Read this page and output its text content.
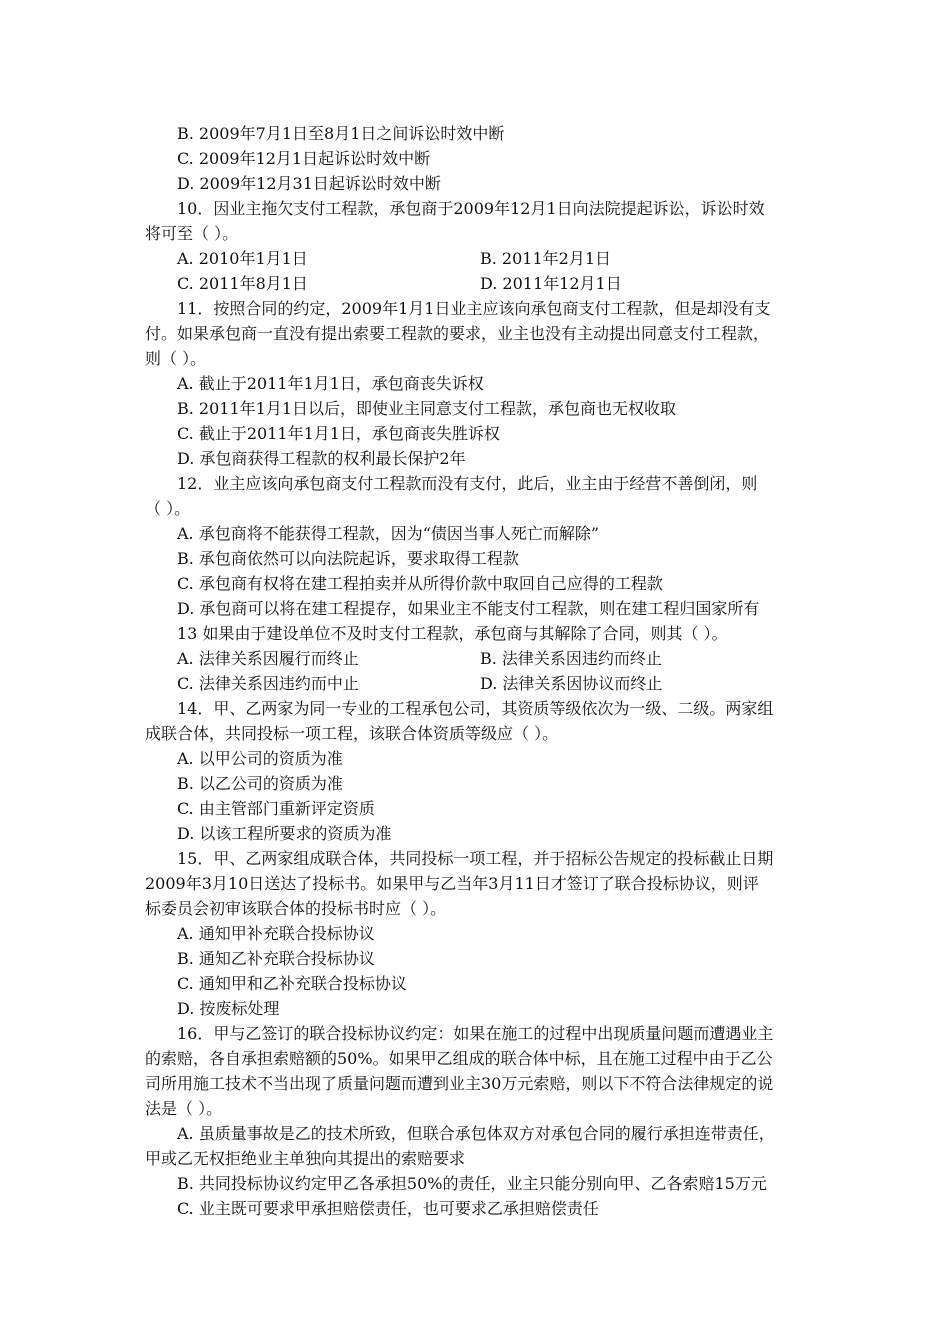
B. 2009年7月1日至8月1日之间诉讼时效中断
C. 2009年12月1日起诉讼时效中断
D. 2009年12月31日起诉讼时效中断
10．因业主拖欠支付工程款，承包商于2009年12月1日向法院提起诉讼，诉讼时效
将可至（ ）。
A. 2010年1月1日	B. 2011年2月1日
C. 2011年8月1日	D. 2011年12月1日
11．按照合同的约定，2009年1月1日业主应该向承包商支付工程款，但是却没有支
付。如果承包商一直没有提出索要工程款的要求，业主也没有主动提出同意支付工程款，
则（ ）。
A. 截止于2011年1月1日，承包商丧失诉权
B. 2011年1月1日以后，即使业主同意支付工程款，承包商也无权收取
C. 截止于2011年1月1日，承包商丧失胜诉权
D. 承包商获得工程款的权利最长保护2年
12．业主应该向承包商支付工程款而没有支付，此后，业主由于经营不善倒闭，则
（ ）。
A. 承包商将不能获得工程款，因为“债因当事人死亡而解除”
B. 承包商依然可以向法院起诉，要求取得工程款
C. 承包商有权将在建工程拍卖并从所得价款中取回自己应得的工程款
D. 承包商可以将在建工程提存，如果业主不能支付工程款，则在建工程归国家所有
13 如果由于建设单位不及时支付工程款，承包商与其解除了合同，则其（ ）。
A. 法律关系因履行而终止	B. 法律关系因违约而终止
C. 法律关系因违约而中止	D. 法律关系因协议而终止
14．甲、乙两家为同一专业的工程承包公司，其资质等级依次为一级、二级。两家组
成联合体，共同投标一项工程，该联合体资质等级应（ ）。
A. 以甲公司的资质为准
B. 以乙公司的资质为准
C. 由主管部门重新评定资质
D. 以该工程所要求的资质为准
15．甲、乙两家组成联合体，共同投标一项工程，并于招标公告规定的投标截止日期
2009年3月10日送达了投标书。如果甲与乙当年3月11日才签订了联合投标协议，则评
标委员会初审该联合体的投标书时应（ ）。
A. 通知甲补充联合投标协议
B. 通知乙补充联合投标协议
C. 通知甲和乙补充联合投标协议
D. 按废标处理
16．甲与乙签订的联合投标协议约定：如果在施工的过程中出现质量问题而遭遇业主
的索赔，各自承担索赔额的50%。如果甲乙组成的联合体中标，且在施工过程中由于乙公
司所用施工技术不当出现了质量问题而遭到业主30万元索赔，则以下不符合法律规定的说
法是（ ）。
A. 虽质量事故是乙的技术所致，但联合承包体双方对承包合同的履行承担连带责任，
甲或乙无权拒绝业主单独向其提出的索赔要求
B. 共同投标协议约定甲乙各承担50%的责任，业主只能分别向甲、乙各索赔15万元
C. 业主既可要求甲承担赔偿责任，也可要求乙承担赔偿责任
